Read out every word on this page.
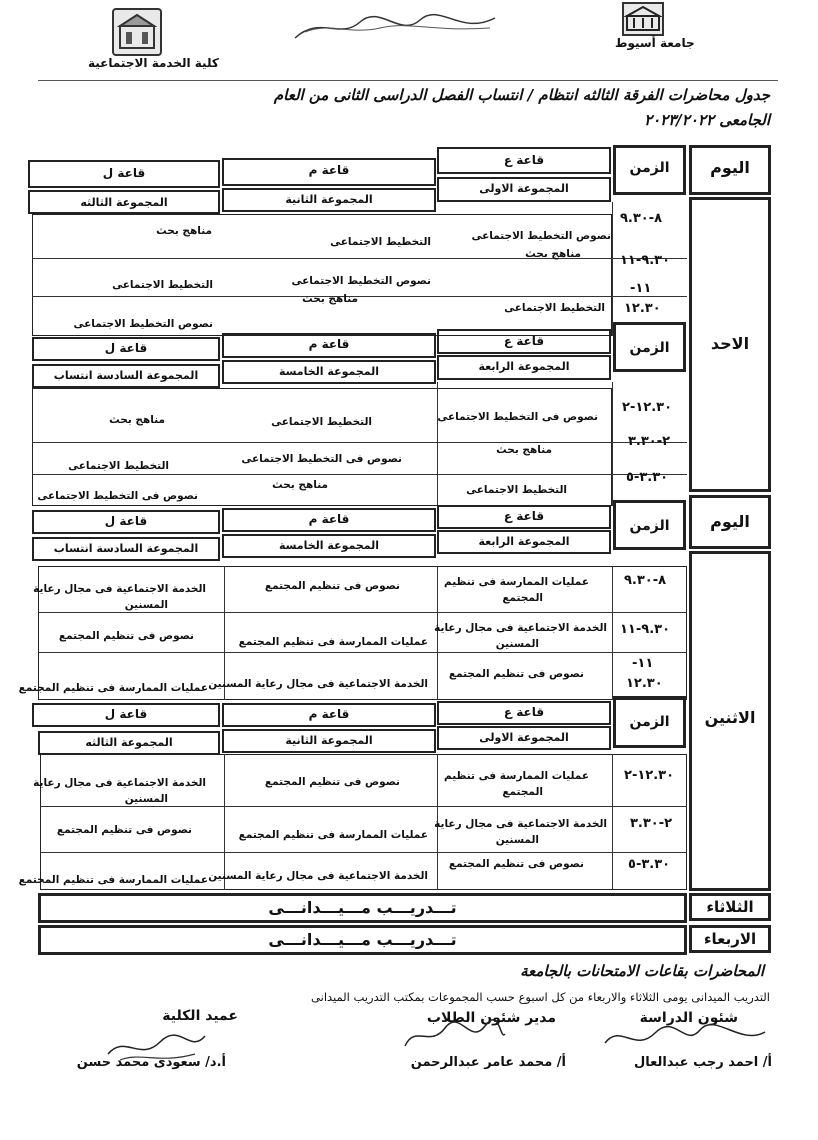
جامعة أسيوط
كلية الخدمة الاجتماعية
جدول محاضرات الفرقة الثالثه انتظام / انتساب الفصل الدراسى الثانى من العام
الجامعى ٢٠٢٣/٢٠٢٢
اليوم
الاحد
الزمن
قاعة ع
قاعة م
قاعة ل
المجموعة الاولى
المجموعة الثانية
المجموعة الثالثه
٨-٩.٣٠
٩.٣٠-١١
١١-
١٢.٣٠
نصوص التخطيط الاجتماعى
التخطيط الاجتماعى
مناهج بحث
مناهج بحث
نصوص التخطيط الاجتماعى
التخطيط الاجتماعى
التخطيط الاجتماعى
مناهج بحث
نصوص التخطيط الاجتماعى
الزمن
قاعة ع
قاعة م
قاعة ل
المجموعة الرابعة
المجموعة الخامسة
المجموعة السادسة انتساب
١٢.٣٠-٢
٢-٣.٣٠
٣.٣٠-٥
نصوص فى التخطيط الاجتماعى
التخطيط الاجتماعى
مناهج بحث
مناهج بحث
نصوص فى التخطيط الاجتماعى
التخطيط الاجتماعى
التخطيط الاجتماعى
مناهج بحث
نصوص فى التخطيط الاجتماعى
اليوم
الاثنين
الزمن
قاعة ع
قاعة م
قاعة ل
المجموعة الرابعة
المجموعة الخامسة
المجموعة السادسة انتساب
٨-٩.٣٠
٩.٣٠-١١
١١-
١٢.٣٠
عمليات الممارسة فى تنظيم
المجتمع
نصوص فى تنظيم المجتمع
الخدمة الاجتماعية فى مجال رعاية
المسنين
الخدمة الاجتماعية فى مجال رعاية
المسنين
عمليات الممارسة فى تنظيم المجتمع
نصوص فى تنظيم المجتمع
نصوص فى تنظيم المجتمع
الخدمة الاجتماعية فى مجال رعاية المسنين
عمليات الممارسة فى تنظيم المجتمع
الزمن
قاعة ع
قاعة م
قاعة ل
المجموعة الاولى
المجموعة الثانية
المجموعة الثالثه
١٢.٣٠-٢
٢-٣.٣٠
٣.٣٠-٥
عمليات الممارسة فى تنظيم
المجتمع
نصوص فى تنظيم المجتمع
الخدمة الاجتماعية فى مجال رعاية
المسنين
الخدمة الاجتماعية فى مجال رعاية
المسنين
عمليات الممارسة فى تنظيم المجتمع
نصوص فى تنظيم المجتمع
نصوص فى تنظيم المجتمع
الخدمة الاجتماعية فى مجال رعاية المسنين
عمليات الممارسة فى تنظيم المجتمع
الثلاثاء
تـــدريـــب مـــيـــدانـــى
الاربعاء
تـــدريـــب مـــيـــدانـــى
المحاضرات بقاعات الامتحانات بالجامعة
التدريب الميدانى يومى الثلاثاء والاربعاء من كل اسبوع حسب المجموعات بمكتب التدريب الميدانى
شئون الدراسة
مدير شئون الطلاب
عميد الكلية
أ/ احمد رجب عبدالعال
أ/ محمد عامر عبدالرحمن
أ.د/ سعودى محمد حسن
